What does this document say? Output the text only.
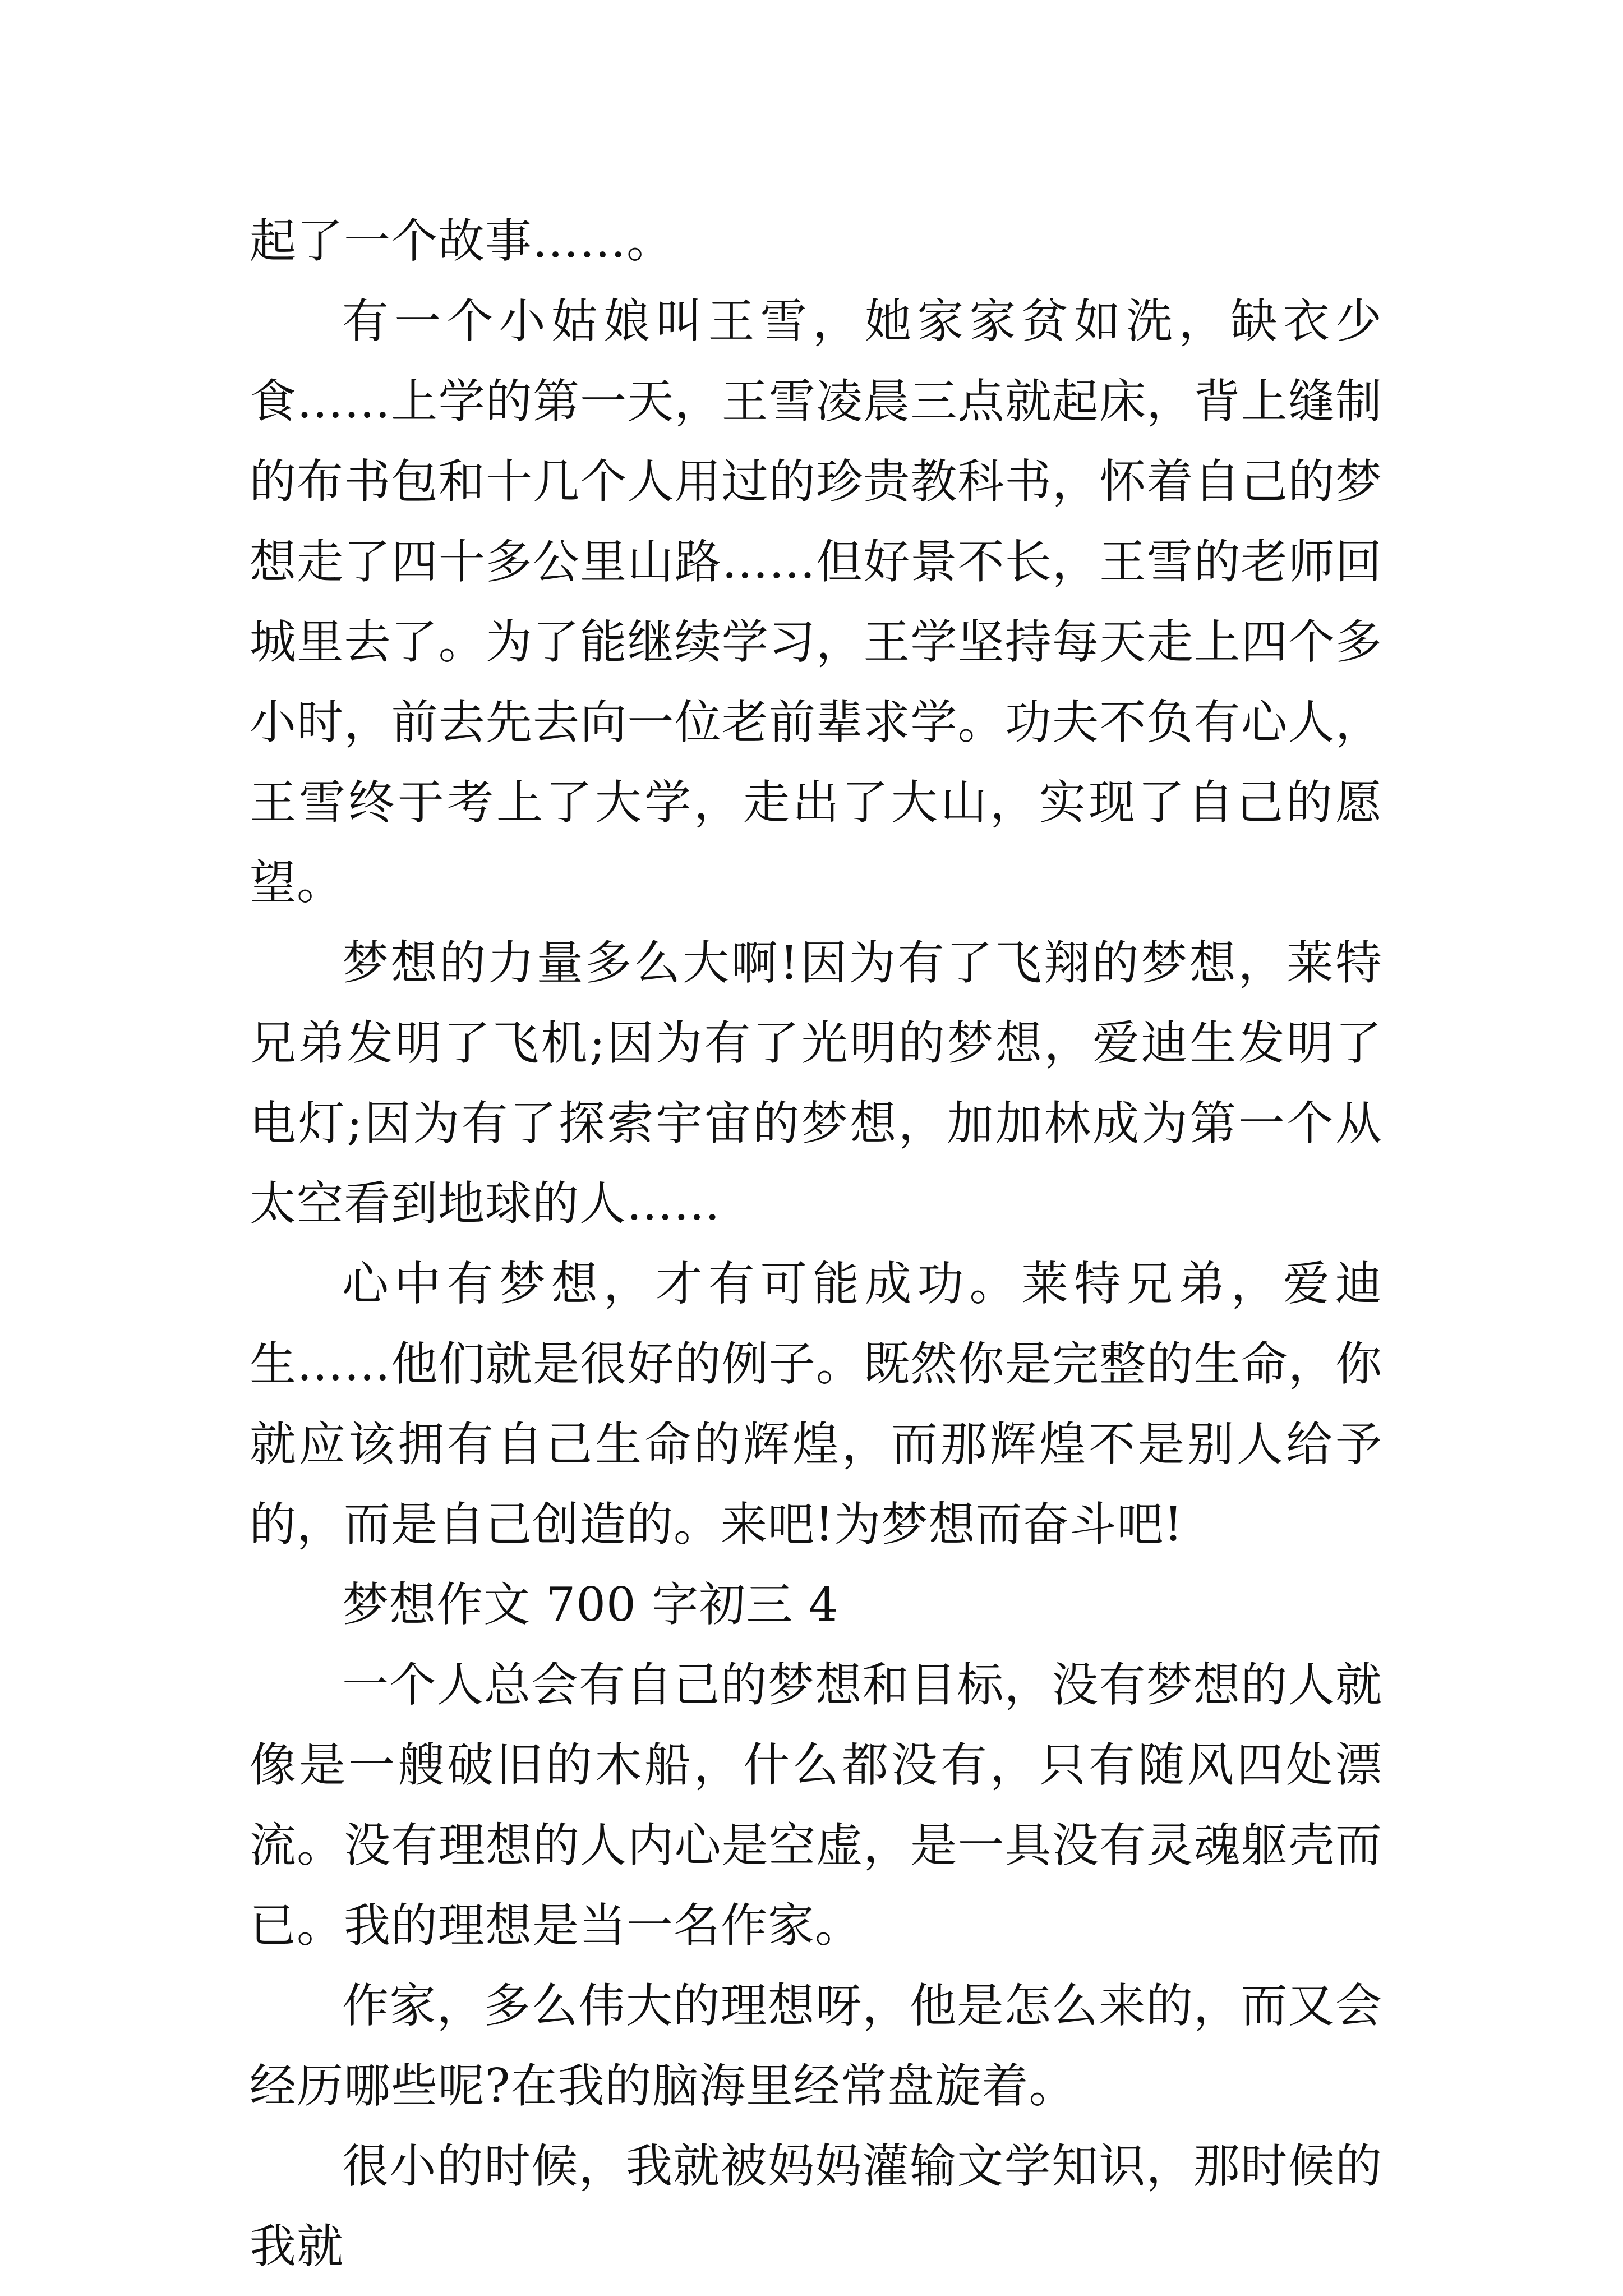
起了一个故事……。

有一个小姑娘叫王雪，她家家贫如洗，缺衣少食……上学的第一天，王雪凌晨三点就起床，背上缝制的布书包和十几个人用过的珍贵教科书，怀着自己的梦想走了四十多公里山路……但好景不长，王雪的老师回城里去了。为了能继续学习，王学坚持每天走上四个多小时，前去先去向一位老前辈求学。功夫不负有心人，王雪终于考上了大学，走出了大山，实现了自己的愿望。

梦想的力量多么大啊!因为有了飞翔的梦想，莱特兄弟发明了飞机;因为有了光明的梦想，爱迪生发明了电灯;因为有了探索宇宙的梦想，加加林成为第一个从太空看到地球的人……

心中有梦想，才有可能成功。莱特兄弟，爱迪生……他们就是很好的例子。既然你是完整的生命，你就应该拥有自己生命的辉煌，而那辉煌不是别人给予的，而是自己创造的。来吧!为梦想而奋斗吧!

梦想作文 700 字初三 4

一个人总会有自己的梦想和目标，没有梦想的人就像是一艘破旧的木船，什么都没有，只有随风四处漂流。没有理想的人内心是空虚，是一具没有灵魂躯壳而已。我的理想是当一名作家。

作家，多么伟大的理想呀，他是怎么来的，而又会经历哪些呢?在我的脑海里经常盘旋着。

很小的时候，我就被妈妈灌输文学知识，那时候的我就
